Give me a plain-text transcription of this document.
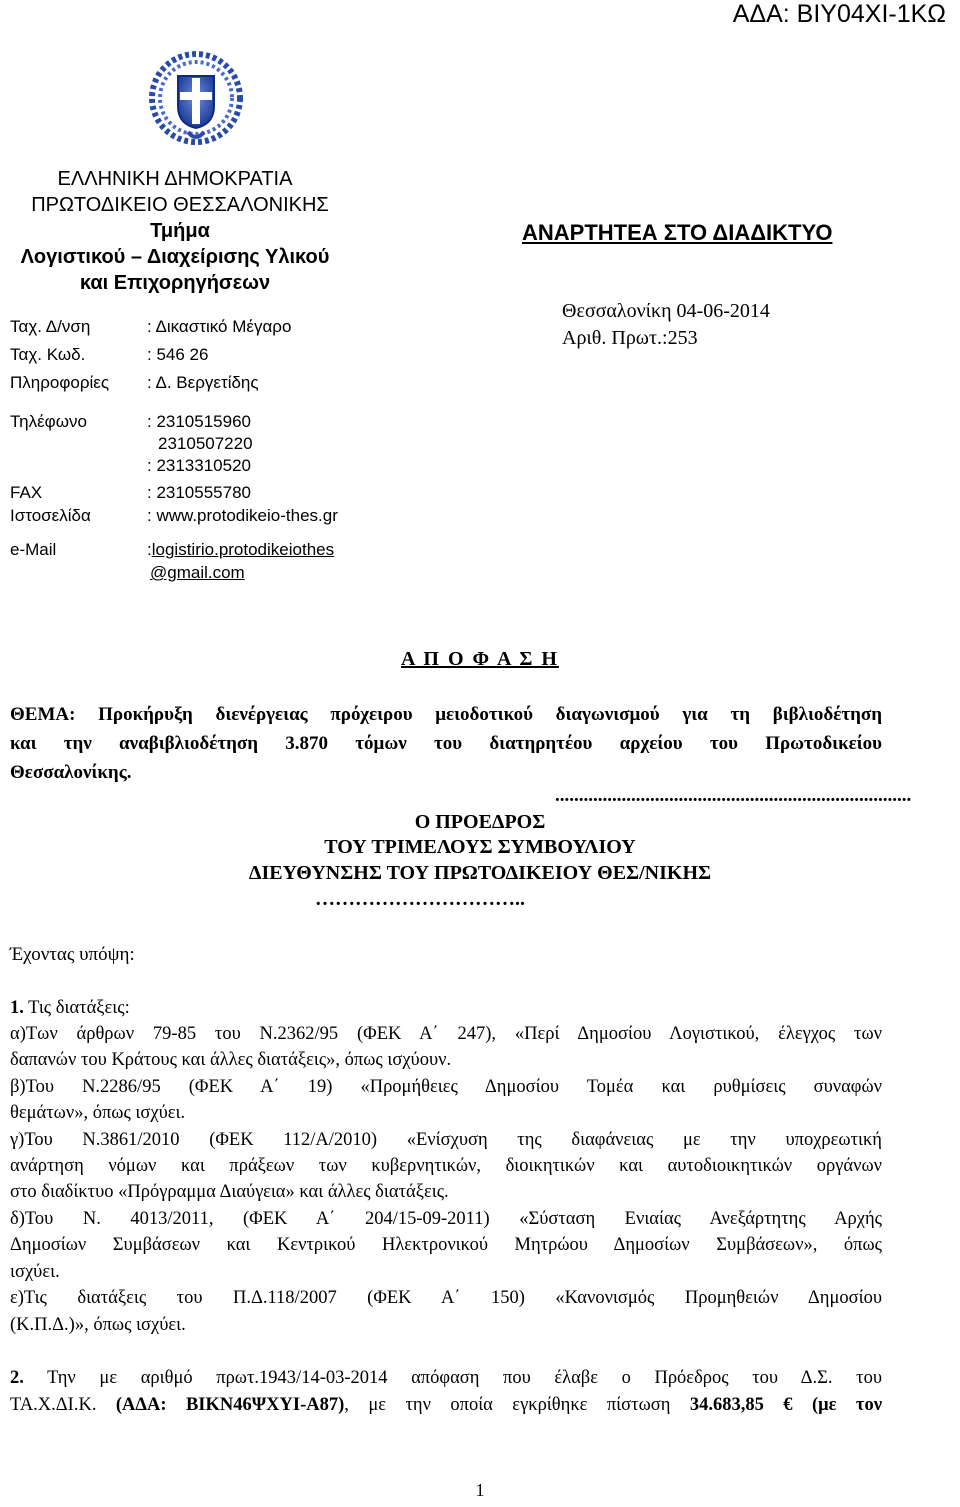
ΑΔΑ: ΒΙΥ04ΧΙ-1ΚΩ
ΕΛΛΗΝΙΚΗ ΔΗΜΟΚΡΑΤΙΑ
ΠΡΩΤΟΔΙΚΕΙΟ ΘΕΣΣΑΛΟΝΙΚΗΣ
Τμήμα
Λογιστικού – Διαχείρισης Υλικού
και Επιχορηγήσεων
Ταχ. Δ/νση	: Δικαστικό Μέγαρο
Ταχ. Κωδ.	: 546 26
Πληροφορίες : Δ. Βεργετίδης
Τηλέφωνο	: 2310515960
2310507220
: 2313310520
FAX	: 2310555780
Ιστοσελίδα	: www.protodikeio-thes.gr
e-Mail	:logistirio.protodikeiothes
@gmail.com
ΑΝΑΡΤΗΤΕΑ ΣΤΟ ΔΙΑΔΙΚΤΥΟ
Θεσσαλονίκη 04-06-2014
Αριθ. Πρωτ.:253
Α Π Ο Φ Α Σ Η
ΘΕΜΑ: Προκήρυξη διενέργειας πρόχειρου μειοδοτικού διαγωνισμού για τη βιβλιοδέτηση
και την αναβιβλιοδέτηση 3.870 τόμων του διατηρητέου αρχείου του Πρωτοδικείου
Θεσσαλονίκης.
...........................................................................
Ο ΠΡΟΕΔΡΟΣ
ΤΟΥ ΤΡΙΜΕΛΟΥΣ ΣΥΜΒΟΥΛΙΟΥ
ΔΙΕΥΘΥΝΣΗΣ ΤΟΥ ΠΡΩΤΟΔΙΚΕΙΟΥ ΘΕΣ/ΝΙΚΗΣ
…………………………..
Έχοντας υπόψη:
1. Τις διατάξεις:
α)Των άρθρων 79-85 του Ν.2362/95 (ΦΕΚ Α΄ 247), «Περί Δημοσίου Λογιστικού, έλεγχος των
δαπανών του Κράτους και άλλες διατάξεις», όπως ισχύουν.
β)Του Ν.2286/95 (ΦΕΚ Α΄ 19) «Προμήθειες Δημοσίου Τομέα και ρυθμίσεις συναφών
θεμάτων», όπως ισχύει.
γ)Του Ν.3861/2010 (ΦΕΚ 112/Α/2010) «Ενίσχυση της διαφάνειας με την υποχρεωτική
ανάρτηση νόμων και πράξεων των κυβερνητικών, διοικητικών και αυτοδιοικητικών οργάνων
στο διαδίκτυο «Πρόγραμμα Διαύγεια» και άλλες διατάξεις.
δ)Του Ν. 4013/2011, (ΦΕΚ Α΄ 204/15-09-2011) «Σύσταση Ενιαίας Ανεξάρτητης Αρχής
Δημοσίων Συμβάσεων και Κεντρικού Ηλεκτρονικού Μητρώου Δημοσίων Συμβάσεων», όπως
ισχύει.
ε)Τις διατάξεις του Π.Δ.118/2007 (ΦΕΚ Α΄ 150) «Κανονισμός Προμηθειών Δημοσίου
(Κ.Π.Δ.)», όπως ισχύει.
2. Την με αριθμό πρωτ.1943/14-03-2014 απόφαση που έλαβε ο Πρόεδρος του Δ.Σ. του
ΤΑ.Χ.ΔΙ.Κ. (ΑΔΑ: ΒΙΚΝ46ΨΧΥΙ-Α87), με την οποία εγκρίθηκε πίστωση 34.683,85 € (με τον
1
